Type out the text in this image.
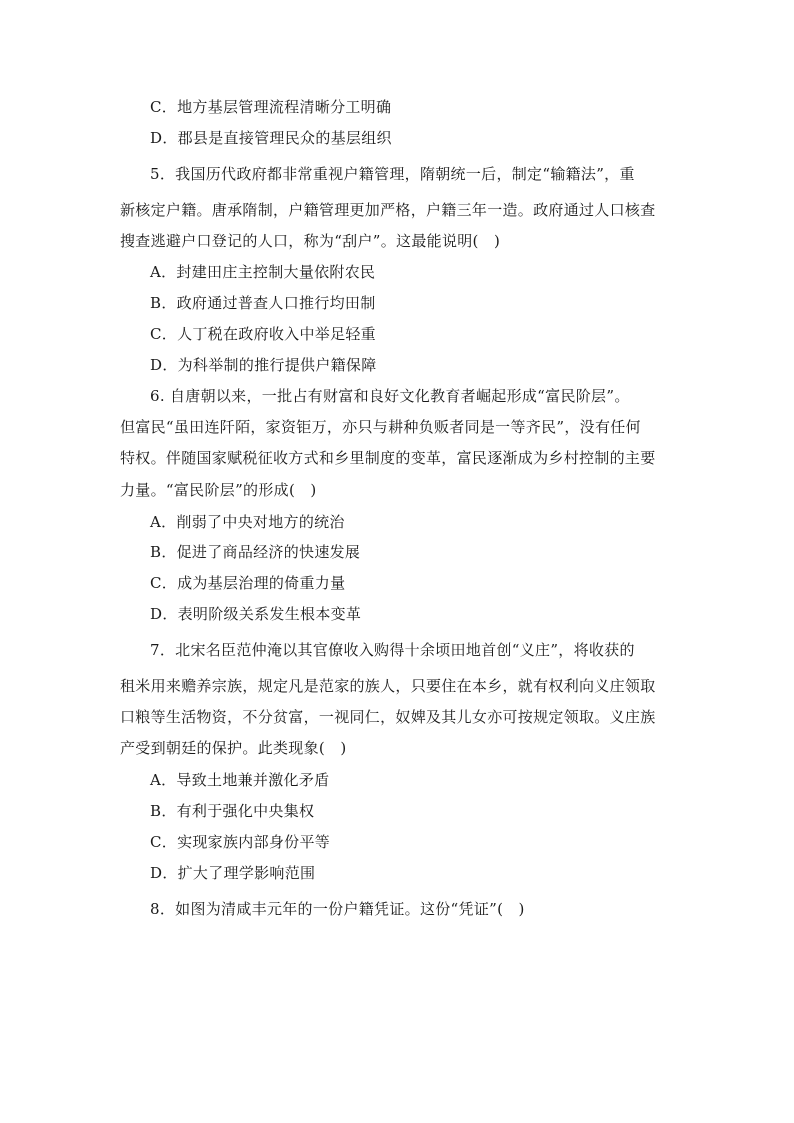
C．地方基层管理流程清晰分工明确
D．郡县是直接管理民众的基层组织
5．我国历代政府都非常重视户籍管理，隋朝统一后，制定“输籍法”，重
新核定户籍。唐承隋制，户籍管理更加严格，户籍三年一造。政府通过人口核查
搜查逃避户口登记的人口，称为“刮户”。这最能说明(　)
A．封建田庄主控制大量依附农民
B．政府通过普查人口推行均田制
C．人丁税在政府收入中举足轻重
D．为科举制的推行提供户籍保障
6. 自唐朝以来，一批占有财富和良好文化教育者崛起形成“富民阶层”。
但富民“虽田连阡陌，家资钜万，亦只与耕种负贩者同是一等齐民”，没有任何
特权。伴随国家赋税征收方式和乡里制度的变革，富民逐渐成为乡村控制的主要
力量。“富民阶层”的形成(　)
A．削弱了中央对地方的统治
B．促进了商品经济的快速发展
C．成为基层治理的倚重力量
D．表明阶级关系发生根本变革
7．北宋名臣范仲淹以其官僚收入购得十余顷田地首创“义庄”，将收获的
租米用来赡养宗族，规定凡是范家的族人，只要住在本乡，就有权利向义庄领取
口粮等生活物资，不分贫富，一视同仁，奴婢及其儿女亦可按规定领取。义庄族
产受到朝廷的保护。此类现象(　)
A．导致土地兼并激化矛盾
B．有利于强化中央集权
C．实现家族内部身份平等
D．扩大了理学影响范围
8．如图为清咸丰元年的一份户籍凭证。这份“凭证”(　)
